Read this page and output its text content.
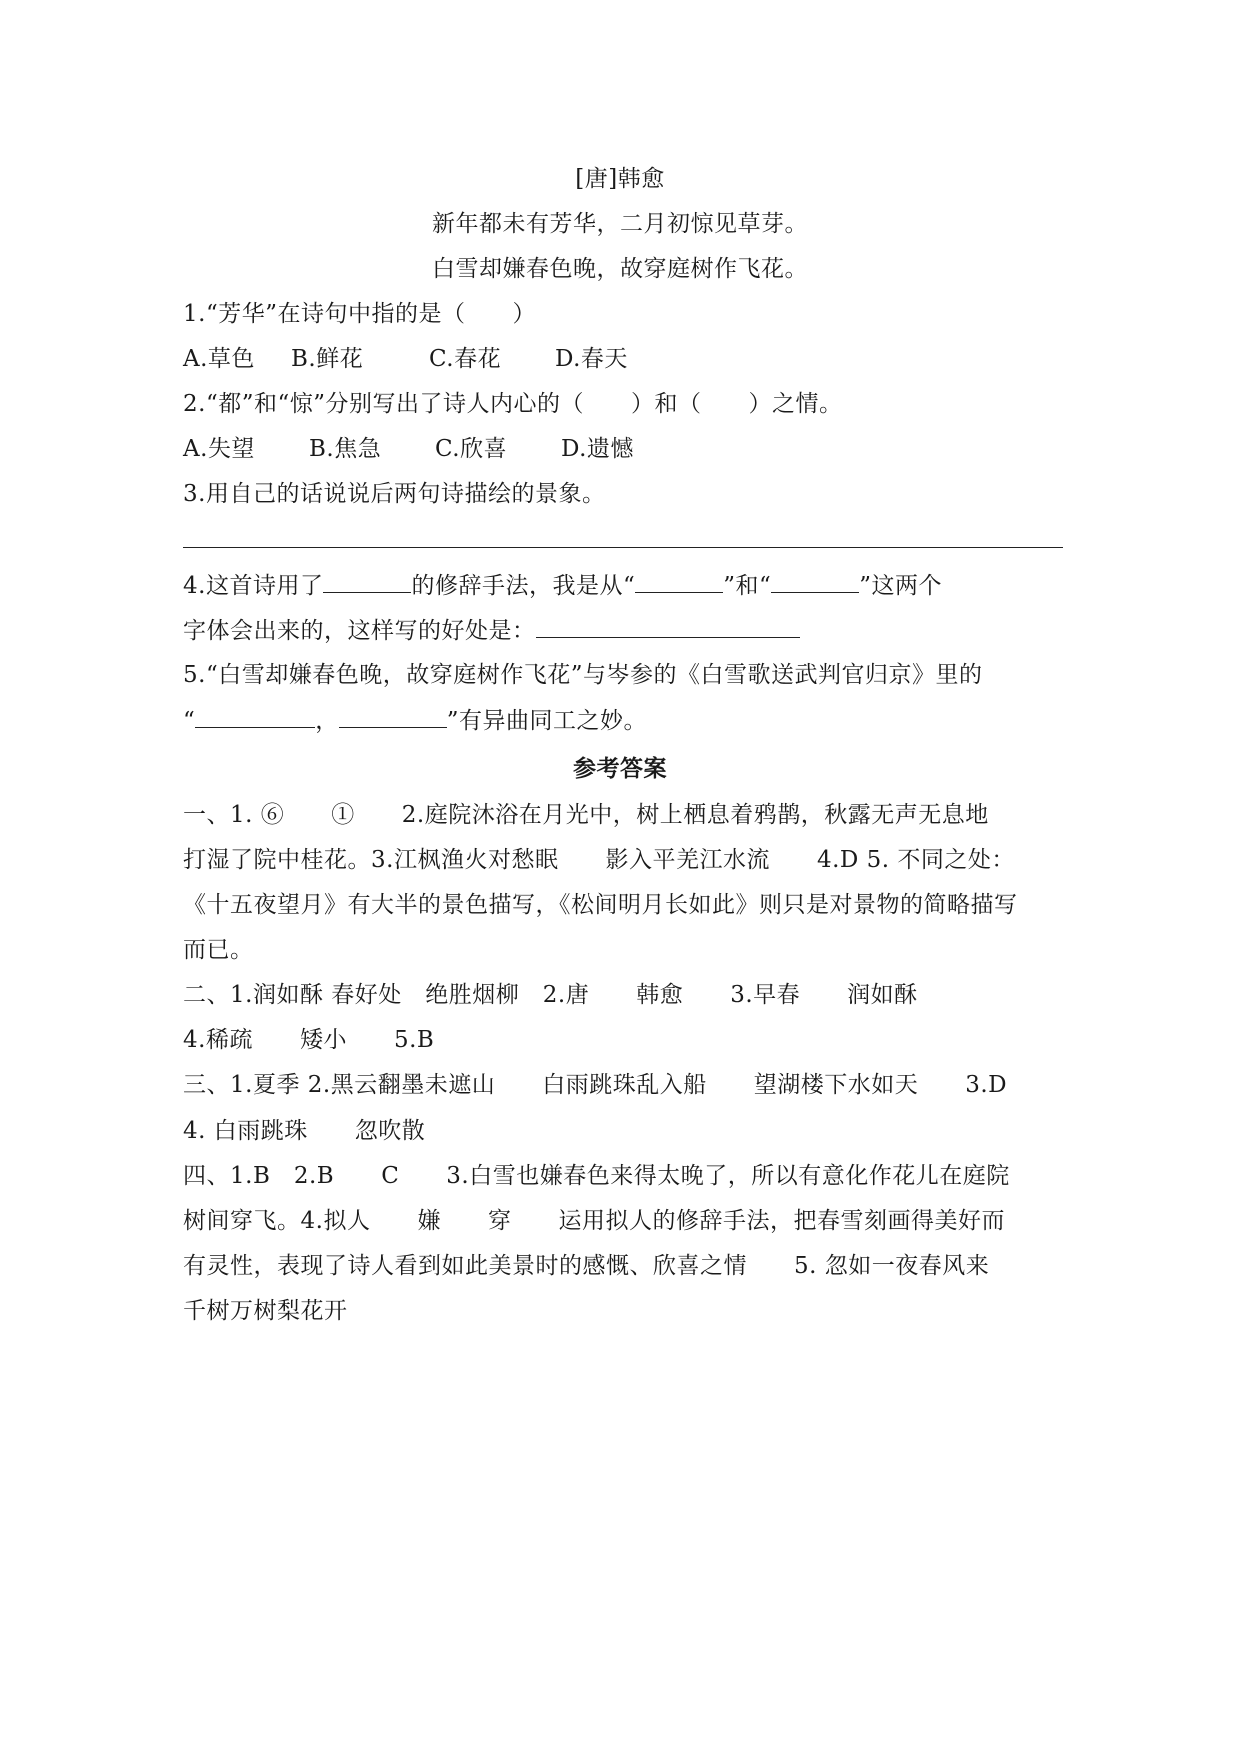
[唐]韩愈
新年都未有芳华，二月初惊见草芽。
白雪却嫌春色晚，故穿庭树作飞花。
1.“芳华”在诗句中指的是（　　）
A.草色 B.鲜花	C.春花 D.春天
2.“都”和“惊”分别写出了诗人内心的（　　）和（　　）之情。
A.失望 B.焦急 C.欣喜 D.遗憾
3.用自己的话说说后两句诗描绘的景象。
4.这首诗用了	的修辞手法，我是从“	”和“	”这两个
字体会出来的，这样写的好处是：
5.“白雪却嫌春色晚，故穿庭树作飞花”与岑参的《白雪歌送武判官归京》里的
“	，	”有异曲同工之妙。
参考答案
一、1. ⑥　　①　　2.庭院沐浴在月光中，树上栖息着鸦鹊，秋露无声无息地
打湿了院中桂花。3.江枫渔火对愁眠　　影入平羌江水流　　4.D 5. 不同之处：
《十五夜望月》有大半的景色描写，《松间明月长如此》则只是对景物的简略描写
而已。
二、1.润如酥 春好处　绝胜烟柳　2.唐　　韩愈　　3.早春　　润如酥
4.稀疏　　矮小　　5.B
三、1.夏季 2.黑云翻墨未遮山　　白雨跳珠乱入船　　望湖楼下水如天　　3.D
4. 白雨跳珠　　忽吹散
四、1.B　2.B　　C　　3.白雪也嫌春色来得太晚了，所以有意化作花儿在庭院
树间穿飞。4.拟人　　嫌　　穿　　运用拟人的修辞手法，把春雪刻画得美好而
有灵性，表现了诗人看到如此美景时的感慨、欣喜之情　　5. 忽如一夜春风来
千树万树梨花开
